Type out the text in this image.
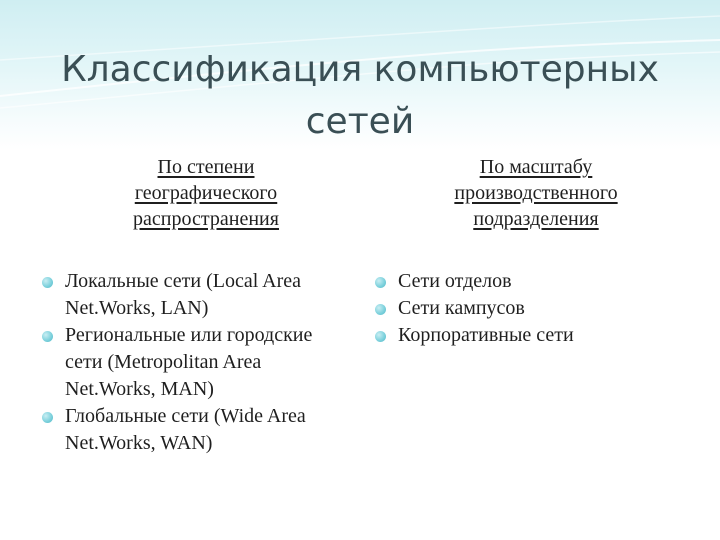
Классификация компьютерных сетей
По степени
географического
распространения
По масштабу
производственного
подразделения
Локальные сети (Local Area Net.Works, LAN)
Региональные или городские сети (Metropolitan Area Net.Works, MAN)
Глобальные сети (Wide Area Net.Works, WAN)
Сети отделов
Сети кампусов
Корпоративные сети
